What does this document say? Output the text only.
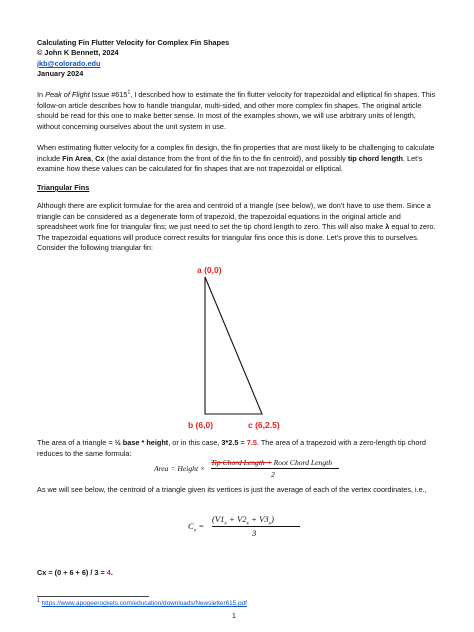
Calculating Fin Flutter Velocity for Complex Fin Shapes
© John K Bennett, 2024
jkb@colorado.edu
January 2024

In Peak of Flight Issue $\#615^1$, I described how to estimate the fin flutter velocity for trapezoidal and elliptical fin shapes. This follow-on article describes how to handle triangular, multi-sided, and other more complex fin shapes. The original article should be read for this one to make better sense. In most of the examples shown, we will use arbitrary units of length, without concerning ourselves about the unit system in use.

When estimating flutter velocity for a complex fin design, the fin properties that are most likely to be challenging to calculate include Fin Area, Cx (the axial distance from the front of the fin to the fin centroid), and possibly tip chord length. Let’s examine how these values can be calculated for fin shapes that are not trapezoidal or elliptical.

Triangular Fins

Although there are explicit formulae for the area and centroid of a triangle (see below), we don’t have to use them. Since a triangle can be considered as a degenerate form of trapezoid, the trapezoidal equations in the original article and spreadsheet work fine for triangular fins; we just need to set the tip chord length to zero. This will also make λ equal to zero. The trapezoidal equations will produce correct results for triangular fins once this is done. Let’s prove this to ourselves. Consider the following triangular fin:

a (0,0)
b (6,0)	c (6,2.5)

The area of a triangle = ½ base * height, or in this case, 3*2.5 = 7.5. The area of a trapezoid with a zero-length tip chord reduces to the same formula:

Area = Height ×
Tip Chord Length + Root Chord Length
2

As we will see below, the centroid of a triangle given its vertices is just the average of each of the vertex coordinates, i.e.,

$C_x$ =
$(V1_x + V2_x + V3_x)$
3

Cx = (0 + 6 + 6) / 3 = 4.

$^1$ https://www.apogeerockets.com/education/downloads/Newsletter615.pdf
1
